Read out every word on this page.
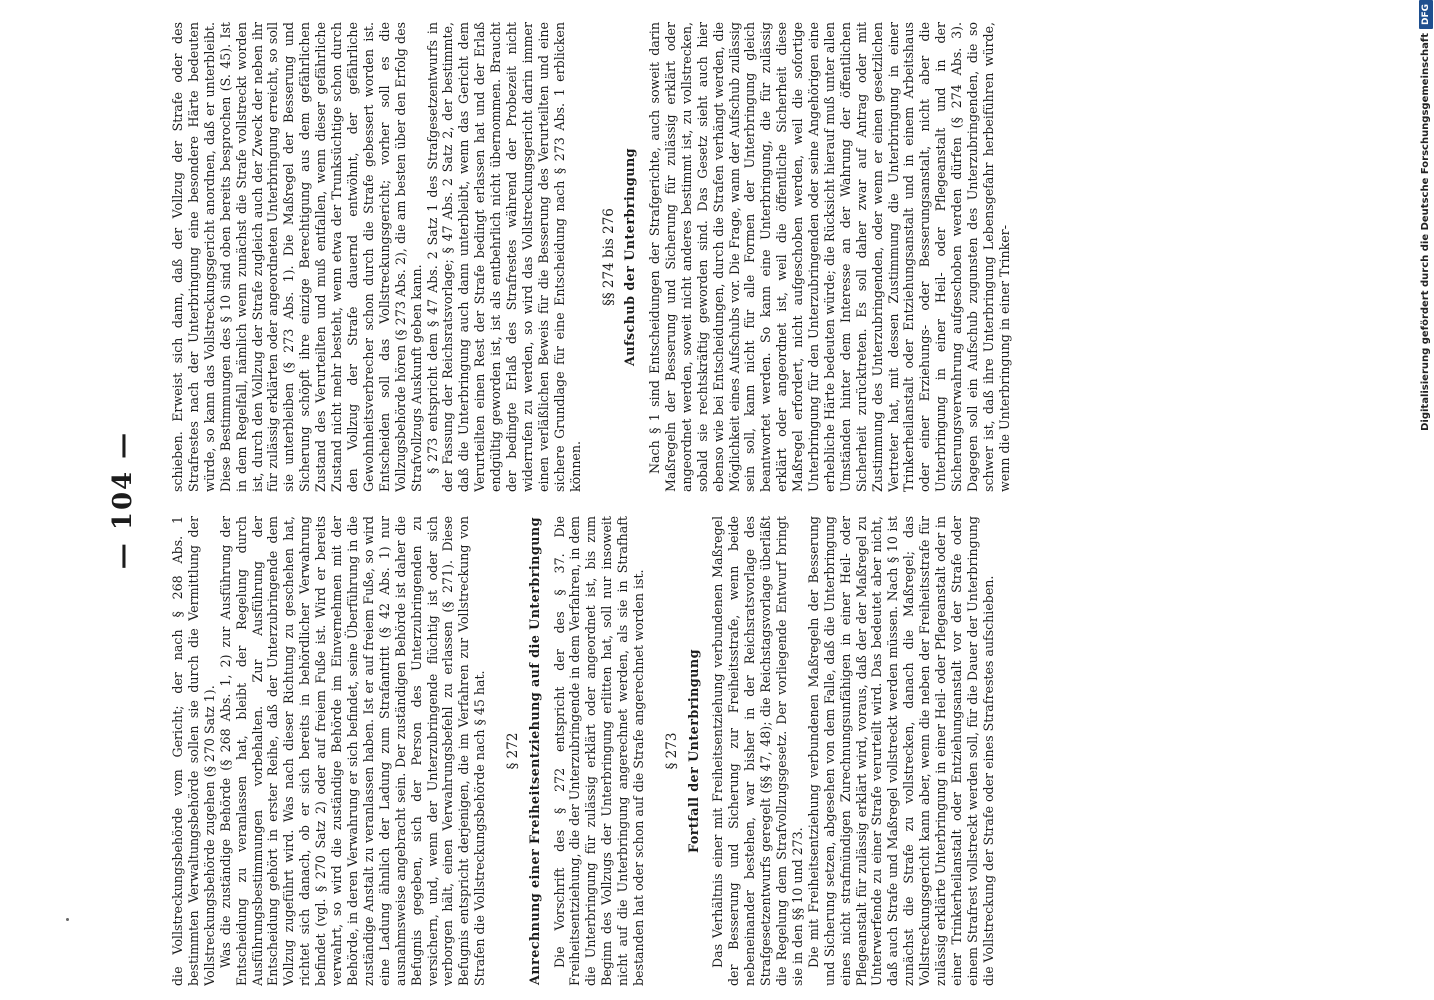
— 104 —

die Vollstreckungsbehörde vom Gericht; der nach § 268 Abs. 1 bestimmten Verwaltungsbehörde sollen sie durch die Vermittlung der Vollstreckungsbehörde zugehen (§ 270 Satz 1). Was die zuständige Behörde (§ 268 Abs. 1, 2) zur Ausführung der Entscheidung zu veranlassen hat, bleibt der Regelung durch Ausführungsbestimmungen vorbehalten. Zur Ausführung der Entscheidung gehört in erster Reihe, daß der Unterzubringende dem Vollzug zugeführt wird. Was nach dieser Richtung zu geschehen hat, richtet sich danach, ob er sich bereits in behördlicher Verwahrung befindet (vgl. § 270 Satz 2) oder auf freiem Fuße ist. Wird er bereits verwahrt, so wird die zuständige Behörde im Einvernehmen mit der Behörde, in deren Verwahrung er sich befindet, seine Überführung in die zuständige Anstalt zu veranlassen haben. Ist er auf freiem Fuße, so wird eine Ladung ähnlich der Ladung zum Strafantritt (§ 42 Abs. 1) nur ausnahmsweise angebracht sein. Der zuständigen Behörde ist daher die Befugnis gegeben, sich der Person des Unterzubringenden zu versichern, und, wenn der Unterzubringende flüchtig ist oder sich verborgen hält, einen Verwahrungsbefehl zu erlassen (§ 271). Diese Befugnis entspricht derjenigen, die im Verfahren zur Vollstreckung von Strafen die Vollstreckungsbehörde nach § 45 hat. § 272 Anrechnung einer Freiheitsentziehung auf die Unterbringung Die Vorschrift des § 272 entspricht der des § 37. Die Freiheitsentziehung, die der Unterzubringende in dem Verfahren, in dem die Unterbringung für zulässig erklärt oder angeordnet ist, bis zum Beginn des Vollzugs der Unterbringung erlitten hat, soll nur insoweit nicht auf die Unterbringung angerechnet werden, als sie in Strafhaft bestanden hat oder schon auf die Strafe angerechnet worden ist. § 273 Fortfall der Unterbringung Das Verhältnis einer mit Freiheitsentziehung verbundenen Maßregel der Besserung und Sicherung zur Freiheitsstrafe, wenn beide nebeneinander bestehen, war bisher in der Reichsratsvorlage des Strafgesetzentwurfs geregelt (§§ 47, 48); die Reichstagsvorlage überläßt die Regelung dem Strafvollzugsgesetz. Der vorliegende Entwurf bringt sie in den §§ 10 und 273. Die mit Freiheitsentziehung verbundenen Maßregeln der Besserung und Sicherung setzen, abgesehen von dem Falle, daß die Unterbringung eines nicht strafmündigen Zurechnungsunfähigen in einer Heil- oder Pflegeanstalt für zulässig erklärt wird, voraus, daß der der Maßregel zu Unterwerfende zu einer Strafe verurteilt wird. Das bedeutet aber nicht, daß auch Strafe und Maßregel vollstreckt werden müssen. Nach § 10 ist zunächst die Strafe zu vollstrecken, danach die Maßregel; das Vollstreckungsgericht kann aber, wenn die neben der Freiheitsstrafe für zulässig erklärte Unterbringung in einer Heil- oder Pflegeanstalt oder in einer Trinkerheilanstalt oder Entziehungsanstalt vor der Strafe oder einem Strafrest vollstreckt werden soll, für die Dauer der Unterbringung die Vollstreckung der Strafe oder eines Strafrestes aufschieben.

schieben. Erweist sich dann, daß der Vollzug der Strafe oder des Strafrestes nach der Unterbringung eine besondere Härte bedeuten würde, so kann das Vollstreckungsgericht anordnen, daß er unterbleibt. Diese Bestimmungen des § 10 sind oben bereits besprochen (S. 45). Ist in dem Regelfall, nämlich wenn zunächst die Strafe vollstreckt worden ist, durch den Vollzug der Strafe zugleich auch der Zweck der neben ihr für zulässig erklärten oder angeordneten Unterbringung erreicht, so soll sie unterbleiben (§ 273 Abs. 1). Die Maßregel der Besserung und Sicherung schöpft ihre einzige Berechtigung aus dem gefährlichen Zustand des Verurteilten und muß entfallen, wenn dieser gefährliche Zustand nicht mehr besteht, wenn etwa der Trunksüchtige schon durch den Vollzug der Strafe dauernd entwöhnt, der gefährliche Gewohnheitsverbrecher schon durch die Strafe gebessert worden ist. Entscheiden soll das Vollstreckungsgericht; vorher soll es die Vollzugsbehörde hören (§ 273 Abs. 2), die am besten über den Erfolg des Strafvollzugs Auskunft geben kann. § 273 entspricht dem § 47 Abs. 2 Satz 1 des Strafgesetzentwurfs in der Fassung der Reichsratsvorlage; § 47 Abs. 2 Satz 2, der bestimmte, daß die Unterbringung auch dann unterbleibt, wenn das Gericht dem Verurteilten einen Rest der Strafe bedingt erlassen hat und der Erlaß endgültig geworden ist, ist als entbehrlich nicht übernommen. Braucht der bedingte Erlaß des Strafrestes während der Probezeit nicht widerrufen zu werden, so wird das Vollstreckungsgericht darin immer einen verläßlichen Beweis für die Besserung des Verurteilten und eine sichere Grundlage für eine Entscheidung nach § 273 Abs. 1 erblicken können.

§§ 274 bis 276 Aufschub der Unterbringung Nach § 1 sind Entscheidungen der Strafgerichte, auch soweit darin Maßregeln der Besserung und Sicherung für zulässig erklärt oder angeordnet werden, soweit nicht anderes bestimmt ist, zu vollstrecken, sobald sie rechtskräftig geworden sind. Das Gesetz sieht auch hier ebenso wie bei Entscheidungen, durch die Strafen verhängt werden, die Möglichkeit eines Aufschubs vor. Die Frage, wann der Aufschub zulässig sein soll, kann nicht für alle Formen der Unterbringung gleich beantwortet werden. So kann eine Unterbringung, die für zulässig erklärt oder angeordnet ist, weil die öffentliche Sicherheit diese Maßregel erfordert, nicht aufgeschoben werden, weil die sofortige Unterbringung für den Unterzubringenden oder seine Angehörigen eine erhebliche Härte bedeuten würde; die Rücksicht hierauf muß unter allen Umständen hinter dem Interesse an der Wahrung der öffentlichen Sicherheit zurücktreten. Es soll daher zwar auf Antrag oder mit Zustimmung des Unterzubringenden, oder wenn er einen gesetzlichen Vertreter hat, mit dessen Zustimmung die Unterbringung in einer Trinkerheilanstalt oder Entziehungsanstalt und in einem Arbeitshaus oder einer Erziehungs- oder Besserungsanstalt, nicht aber die Unterbringung in einer Heil- oder Pflegeanstalt und in der Sicherungsverwahrung aufgeschoben werden dürfen (§ 274 Abs. 3). Dagegen soll ein Aufschub zugunsten des Unterzubringenden, die so schwer ist, daß ihre Unterbringung Lebensgefahr herbeiführen würde, wenn die Unterbringung in einer Trinker-	Digitalisierung gefördert durch die Deutsche ForschungsgemeinschaftDFG
